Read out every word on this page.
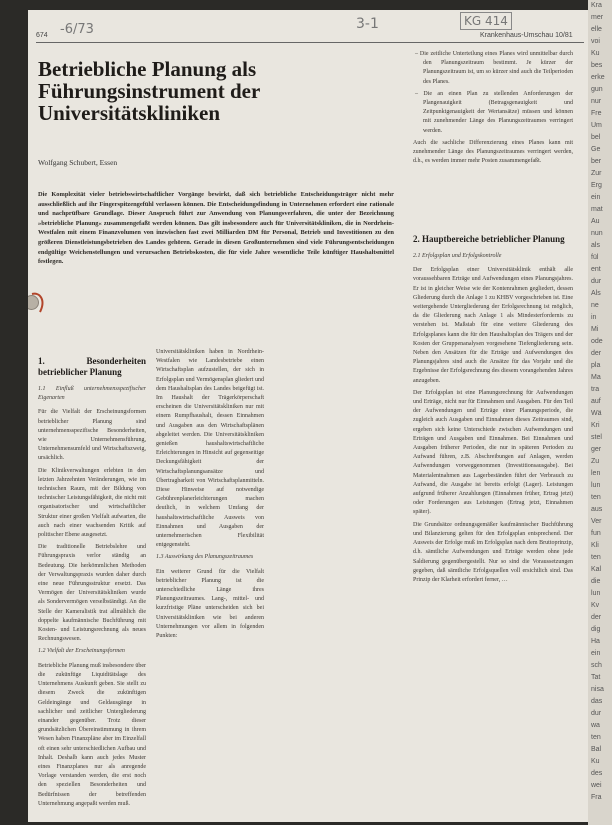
674 -6/73	3-1	KG 414
Krankenhaus-Umschau 10/81
Betriebliche Planung als Führungsinstrument der Universitätskliniken
Wolfgang Schubert, Essen
Die Komplexität vieler betriebswirtschaftlicher Vorgänge bewirkt, daß sich betriebliche Entscheidungsträger nicht mehr ausschließlich auf ihr Fingerspitzengefühl verlassen können. Die Entscheidungsfindung in Unternehmen erfordert eine rationale und nachprüfbare Grundlage. Dieser Anspruch führt zur Anwendung von Planungsverfahren, die unter der Bezeichnung »betriebliche Planung« zusammengefaßt werden können. Das gilt insbesondere auch für Universitätskliniken, die in Nordrhein-Westfalen mit einem Finanzvolumen von inzwischen fast zwei Milliarden DM für Personal, Betrieb und Investitionen zu den größeren Dienstleistungsbetrieben des Landes gehören. Gerade in diesen Großunternehmen sind viele Führungsentscheidungen endgültige Weichenstellungen und verursachen Betriebskosten, die für viele Jahre wesentliche Teile künftiger Haushaltsmittel festlegen.
1. Besonderheiten betrieblicher Planung
1.1 Einfluß unternehmensspezifischer Eigenarten

Für die Vielfalt der Erscheinungsformen betrieblicher Planung sind unternehmensspezifische Besonderheiten, wie Unternehmensführung, Unternehmensumfeld und Wirtschaftszweig, ursächlich.

Die Klinikverwaltungen erlebten in den letzten Jahrzehnten Veränderungen, wie im technischen Raum, mit der Bildung von technischer Leistungsfähigkeit, die nicht mit organisatorischer und wirtschaftlicher Struktur einer großen Vielfalt aufwarten, die auch nach einer wachsenden Kritik auf politischer Ebene ausgesetzt.

Die traditionelle Betriebslehre und Führungspraxis verlor ständig an Bedeutung. Die herkömmlichen Methoden der Verwaltungspraxis wurden daher durch eine neue Führungsstruktur ersetzt. Das Vermögen der Universitätskliniken wurde als Sondervermögen verselbständigt. An die Stelle der Kameralistik trat allmählich die doppelte kaufmännische Buchführung mit Kosten- und Leistungsrechnung als neues Rechnungswesen.

1.2 Vielfalt der Erscheinungsformen

Betriebliche Planung muß insbesondere über die zukünftige Liquiditätslage des Unternehmens Auskunft geben. Sie stellt zu diesem Zweck die zukünftigen Geldeingänge und Geldausgänge in sachlicher und zeitlicher Untergliederung einander gegenüber. Trotz dieser grundsätzlichen Übereinstimmung in ihrem Wesen haben Finanzpläne aber im Einzelfall oft einen sehr unterschiedlichen Aufbau und Inhalt. Deshalb kann auch jedes Muster eines Finanzplanes nur als anregende Vorlage verstanden werden, die erst noch den speziellen Besonderheiten und Bedürfnissen der betreffenden Unternehmung angepaßt werden muß.

Universitätskliniken haben in Nordrhein-Westfalen wie Landesbetriebe einen Wirtschaftsplan aufzustellen, der sich in Erfolgsplan und Vermögensplan gliedert und dem Haushaltsplan des Landes beigefügt ist. Im Haushalt der Trägerkörperschaft erscheinen die Universitätskliniken nur mit einem Rumpfhaushalt, dessen Einnahmen und Ausgaben aus den Wirtschaftsplänen abgeleitet werden. Die Universitätskliniken genießen haushaltswirtschaftliche Erleichterungen in Hinsicht auf gegenseitige Deckungsfähigkeit der Wirtschaftsplanungsansätze und Übertragbarkeit von Wirtschaftsplanmitteln. Diese Hinweise auf notwendige Gebührenplanerleichterungen machen deutlich, in welchem Umfang der haushaltswirtschaftliche Ausweis von Einnahmen und Ausgaben der unternehmerischen Flexibilität entgegensteht.

1.3 Auswirkung des Planungszeitraumes

Ein weiterer Grund für die Vielfalt betrieblicher Planung ist die unterschiedliche Länge ihres Planungszeitraumes. Lang-, mittel- und kurzfristige Pläne unterscheiden sich bei Universitätskliniken wie bei anderen Unternehmungen vor allem in folgenden Punkten:

– Die zeitliche Unterteilung eines Planes wird unmittelbar durch den Planungszeitraum bestimmt. Je kürzer der Planungszeitraum ist, um so kürzer sind auch die Teilperioden des Planes.

– Die an einen Plan zu stellenden Anforderungen der Plangenauigkeit (Betragsgenauigkeit und Zeitpunktgenauigkeit der Wertansätze) müssen und können mit zunehmender Länge des Planungszeitraumes verringert werden.

Auch die sachliche Differenzierung eines Planes kann mit zunehmender Länge des Planungszeitraumes verringert werden, d.h., es werden immer mehr Posten zusammengefaßt.

2. Hauptbereiche betrieblicher Planung
2.1 Erfolgsplan und Erfolgskontrolle

Der Erfolgsplan einer Universitätsklinik enthält alle voraussehbaren Erträge und Aufwendungen eines Planungsjahres. Er ist in gleicher Weise wie der Kontenrahmen gegliedert, dessen Gliederung durch die Anlage 1 zu KHBV vorgeschrieben ist. Eine weitergehende Untergliederung der Erfolgsrechnung ist möglich, da die Gliederung nach Anlage 1 als Mindesterfordernis zu verstehen ist. Maßstab für eine weitere Gliederung des Erfolgsplanes kann die für den Haushaltsplan des Trägers und der Kosten der Gruppenanalysen vorgesehene Tiefengliederung sein. Neben den Ansätzen für die Erträge und Aufwendungen des Planungsjahres sind auch die Ansätze für das Vorjahr und die Ergebnisse der Erfolgsrechnung des diesem vorangehenden Jahres anzugeben.

Der Erfolgsplan ist eine Planungsrechnung für Aufwendungen und Erträge, nicht nur für Einnahmen und Ausgaben. Für den Teil der Aufwendungen und Erträge einer Planungsperiode, die zugleich auch Ausgaben und Einnahmen dieses Zeitraumes sind, ergeben sich keine Unterschiede zwischen Aufwendungen und Erträgen und Ausgaben und Einnahmen. Bei Einnahmen und Ausgaben früherer Perioden, die nur in späteren Perioden zu Aufwand führen, z.B. Abschreibungen auf Anlagen, werden Aufwendungen vorweggenommen (Investitionsausgabe). Bei Materialentnahmen aus Lagerbeständen führt der Verbrauch zu Aufwand, die Ausgabe ist bereits erfolgt (Lager). Leistungen aufgrund früherer Anzahlungen (Einnahmen früher, Ertrag jetzt) oder Forderungen aus Leistungen (Ertrag jetzt, Einnahmen später).

Die Grundsätze ordnungsgemäßer kaufmännischer Buchführung und Bilanzierung gelten für den Erfolgsplan entsprechend. Der Ausweis der Erfolge muß im Erfolgsplan nach dem Bruttoprinzip, d.h. sämtliche Aufwendungen und Erträge werden ohne jede Saldierung gegenübergestellt. Nur so sind die Voraussetzungen gegeben, daß sämtliche Erfolgsquellen voll ersichtlich sind. Das Prinzip der Klarheit erfordert ferner, …

Kra
mer
elle
voi
Ku
bes
erke
gun
nur
Fre
Um
bel
Ge
ber
Zur
Erg
ein
mat
Au
nun
als
fül
ent
dur
Als
ne
in
Mi
ode
der
pla
Ma
tra
auf
Wä
Kri
stel
ger
Zu
len
lun
ten
aus
Ver
fun
Kli
ten
Kal
die
lun
Kv
der
dig
Ha
ein
sch
Tat
nisa
das
dur
wa
ten
Bal
Ku
des
wei
Fra
